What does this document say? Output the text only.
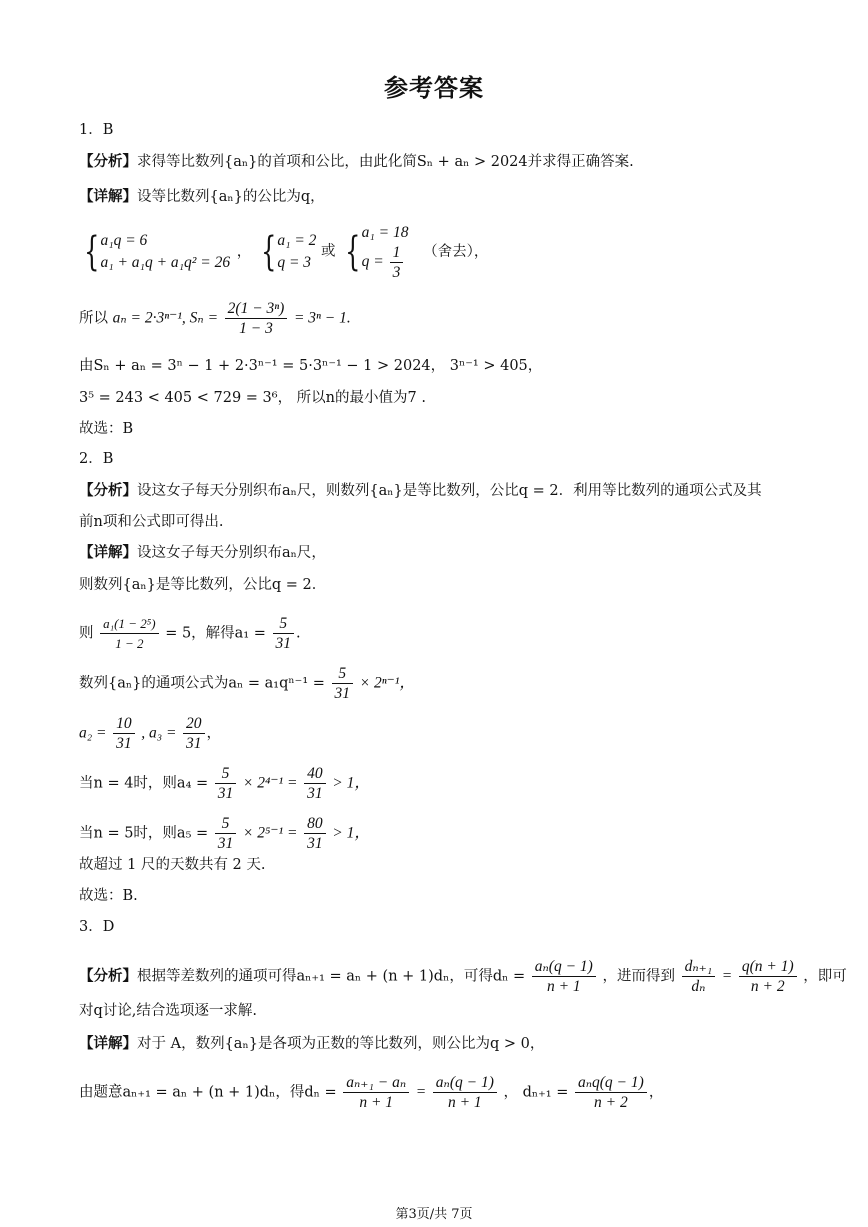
参考答案
1．B
【分析】求得等比数列{aₙ}的首项和公比，由此化简Sₙ + aₙ > 2024并求得正确答案.
【详解】设等比数列{aₙ}的公比为q，
{ a₁q = 6
a₁ + a₁q + a₁q² = 26
， { a₁ = 2
q = 3
或 { a₁ = 18
$q = \frac{1}{3}$ （舍去），
所以 aₙ = 2·3ⁿ⁻¹, $S_n = \frac{\text{2(1 − 3ⁿ)}}{1 - 3} = 3^n - 1$.
由Sₙ + aₙ = 3ⁿ − 1 + 2·3ⁿ⁻¹ = 5·3ⁿ⁻¹ − 1 > 2024， 3ⁿ⁻¹ > 405，
3⁵ = 243 < 405 < 729 = 3⁶， 所以n的最小值为7 .
故选：B
2．B
【分析】设这女子每天分别织布aₙ尺，则数列{aₙ}是等比数列，公比q = 2．利用等比数列的通项公式及其
前n项和公式即可得出.
【详解】设这女子每天分别织布aₙ尺，
则数列{aₙ}是等比数列，公比q = 2．
则 $\frac{\text{a₁(1 − 2⁵)}}{1 - 2} = 5$，解得$a_1 = \frac{5}{31}$ .
数列{aₙ}的通项公式为$a_n = a_1q^{n-1} = \frac{5}{31} \times 2^{n-1}$，
$a_2 = \frac{10}{31}$ , $a_3 = \frac{20}{31}$ ，
当n = 4时，则$a_4 = \frac{5}{31} \times 2^{4-1} = \frac{40}{31} > 1$，
当n = 5时，则$a_5 = \frac{5}{31} \times 2^{5-1} = \frac{80}{31} > 1$，
故超过 1 尺的天数共有 2 天.
故选：B.
3．D
【分析】根据等差数列的通项可得aₙ₊₁ = aₙ + (n + 1)dₙ，可得$d_n = \frac{\text{aₙ(q − 1)}}{n + 1}$ ，进而得到 $\frac{\text{dₙ₊₁}}{\text{dₙ}} = \frac{q(n + 1)}{n + 2}$ ，即可
对q讨论,结合选项逐一求解.
【详解】对于 A，数列{aₙ}是各项为正数的等比数列，则公比为q > 0，
由题意aₙ₊₁ = aₙ + (n + 1)dₙ，得$d_n = \frac{\text{aₙ₊₁ − aₙ}}{n + 1} = \frac{\text{aₙ(q − 1)}}{n + 1}$ ， $d_{n+1} = \frac{\text{aₙq(q − 1)}}{n + 2}$ ，
第3页/共 7页
